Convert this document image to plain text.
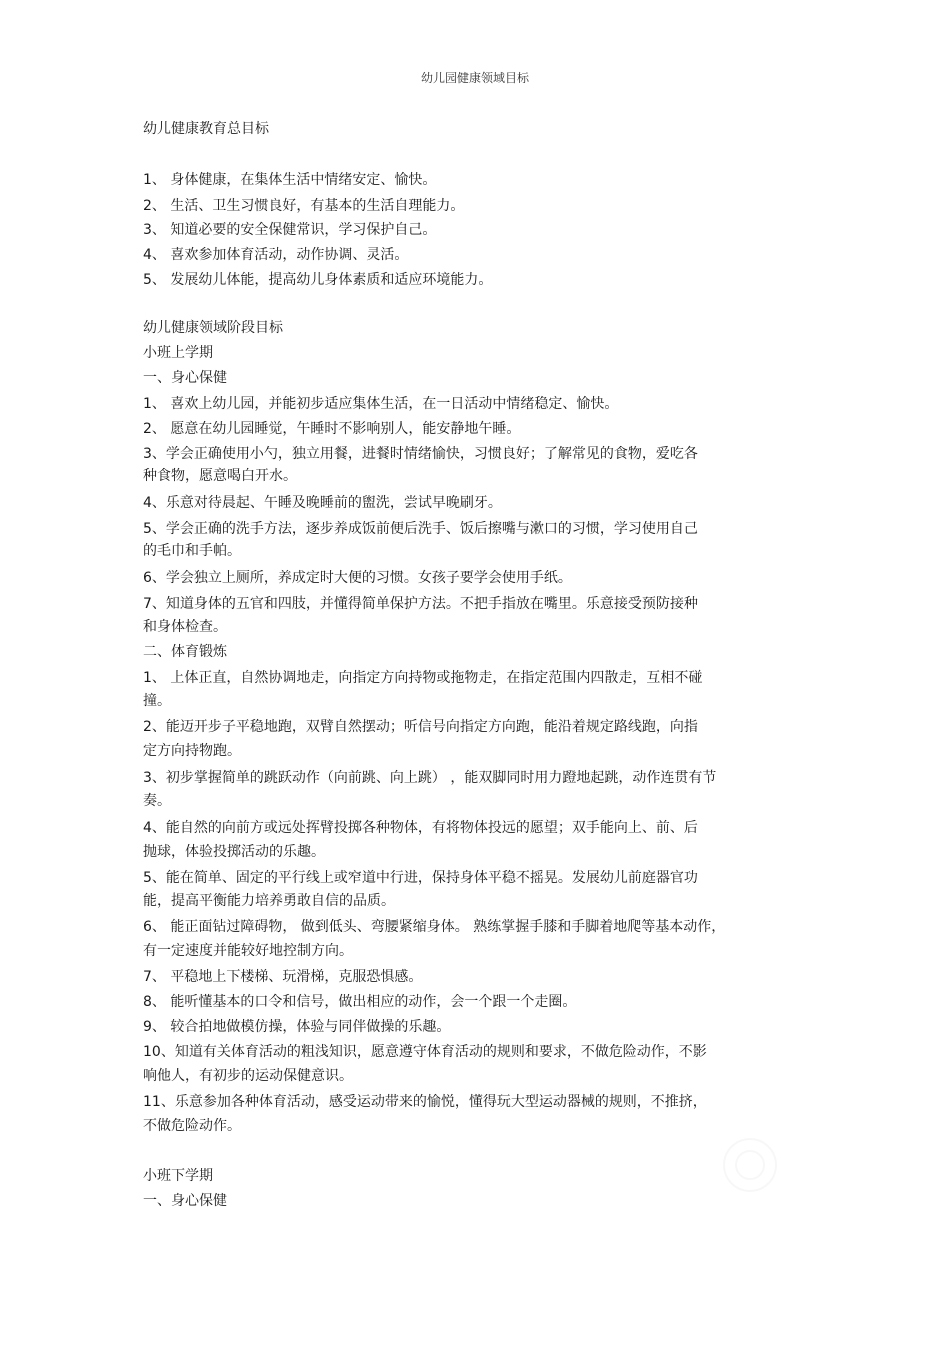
幼儿园健康领域目标
幼儿健康教育总目标
1、 身体健康，在集体生活中情绪安定、愉快。
2、 生活、卫生习惯良好，有基本的生活自理能力。
3、 知道必要的安全保健常识，学习保护自己。
4、 喜欢参加体育活动，动作协调、灵活。
5、 发展幼儿体能，提高幼儿身体素质和适应环境能力。
幼儿健康领域阶段目标
小班上学期
一、身心保健
1、 喜欢上幼儿园，并能初步适应集体生活，在一日活动中情绪稳定、愉快。
2、 愿意在幼儿园睡觉，午睡时不影响别人，能安静地午睡。
3、学会正确使用小勺，独立用餐，进餐时情绪愉快，习惯良好；了解常见的食物，爱吃各
种食物，愿意喝白开水。
4、乐意对待晨起、午睡及晚睡前的盥洗，尝试早晚刷牙。
5、学会正确的洗手方法，逐步养成饭前便后洗手、饭后擦嘴与漱口的习惯，学习使用自己
的毛巾和手帕。
6、学会独立上厕所，养成定时大便的习惯。女孩子要学会使用手纸。
7、知道身体的五官和四肢，并懂得简单保护方法。不把手指放在嘴里。乐意接受预防接种
和身体检查。
二、体育锻炼
1、 上体正直，自然协调地走，向指定方向持物或拖物走，在指定范围内四散走，互相不碰
撞。
2、能迈开步子平稳地跑，双臂自然摆动；听信号向指定方向跑，能沿着规定路线跑，向指
定方向持物跑。
3、初步掌握简单的跳跃动作（向前跳、向上跳） ，能双脚同时用力蹬地起跳，动作连贯有节
奏。
4、能自然的向前方或远处挥臂投掷各种物体，有将物体投远的愿望；双手能向上、前、后
抛球，体验投掷活动的乐趣。
5、能在简单、固定的平行线上或窄道中行进，保持身体平稳不摇晃。发展幼儿前庭器官功
能，提高平衡能力培养勇敢自信的品质。
6、 能正面钻过障碍物， 做到低头、弯腰紧缩身体。 熟练掌握手膝和手脚着地爬等基本动作，
有一定速度并能较好地控制方向。
7、 平稳地上下楼梯、玩滑梯，克服恐惧感。
8、 能听懂基本的口令和信号，做出相应的动作，会一个跟一个走圈。
9、 较合拍地做模仿操，体验与同伴做操的乐趣。
10、知道有关体育活动的粗浅知识，愿意遵守体育活动的规则和要求，不做危险动作，不影
响他人，有初步的运动保健意识。
11、乐意参加各种体育活动，感受运动带来的愉悦，懂得玩大型运动器械的规则，不推挤，
不做危险动作。
小班下学期
一、身心保健
